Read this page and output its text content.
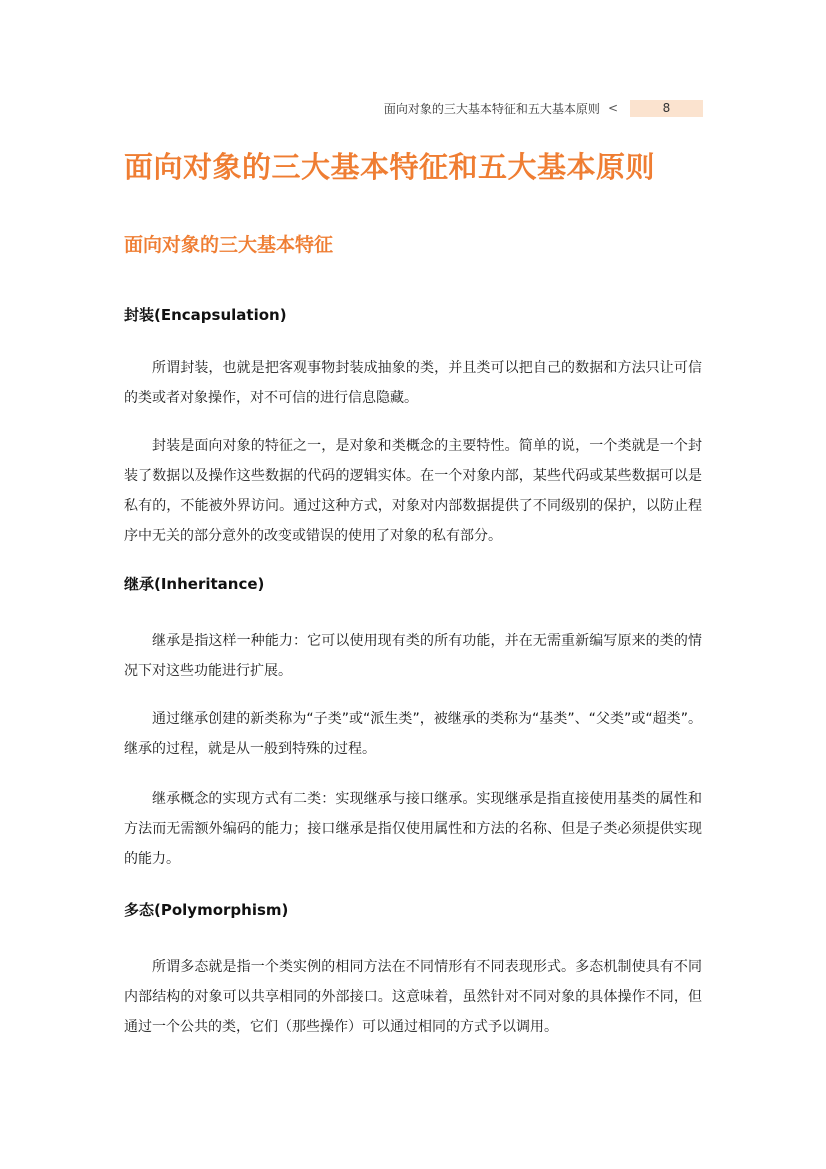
面向对象的三大基本特征和五大基本原则 <	8
面向对象的三大基本特征和五大基本原则
面向对象的三大基本特征
封装(Encapsulation)

所谓封装，也就是把客观事物封装成抽象的类，并且类可以把自己的数据和方法只让可信的类或者对象操作，对不可信的进行信息隐藏。

封装是面向对象的特征之一，是对象和类概念的主要特性。简单的说，一个类就是一个封装了数据以及操作这些数据的代码的逻辑实体。在一个对象内部，某些代码或某些数据可以是私有的，不能被外界访问。通过这种方式，对象对内部数据提供了不同级别的保护，以防止程序中无关的部分意外的改变或错误的使用了对象的私有部分。

继承(Inheritance)

继承是指这样一种能力：它可以使用现有类的所有功能，并在无需重新编写原来的类的情况下对这些功能进行扩展。

通过继承创建的新类称为“子类”或“派生类”，被继承的类称为“基类”、“父类”或“超类”。继承的过程，就是从一般到特殊的过程。

继承概念的实现方式有二类：实现继承与接口继承。实现继承是指直接使用基类的属性和方法而无需额外编码的能力；接口继承是指仅使用属性和方法的名称、但是子类必须提供实现的能力。

多态(Polymorphism)

所谓多态就是指一个类实例的相同方法在不同情形有不同表现形式。多态机制使具有不同内部结构的对象可以共享相同的外部接口。这意味着，虽然针对不同对象的具体操作不同，但通过一个公共的类，它们（那些操作）可以通过相同的方式予以调用。
